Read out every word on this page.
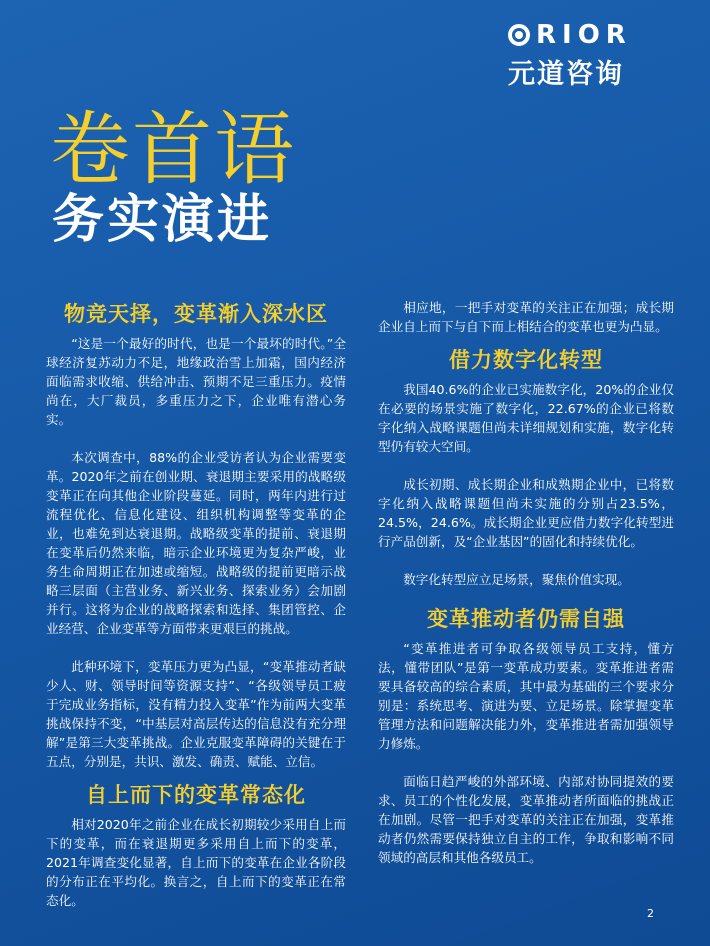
RIOR
元道咨询
卷首语
务实演进
物竞天择，变革渐入深水区

“这是一个最好的时代，也是一个最坏的时代。”全球经济复苏动力不足，地缘政治雪上加霜，国内经济面临需求收缩、供给冲击、预期不足三重压力。疫情尚在，大厂裁员，多重压力之下，企业唯有潜心务实。

本次调查中，88%的企业受访者认为企业需要变革。2020年之前在创业期、衰退期主要采用的战略级变革正在向其他企业阶段蔓延。同时，两年内进行过流程优化、信息化建设、组织机构调整等变革的企业，也难免到达衰退期。战略级变革的提前、衰退期在变革后仍然来临，暗示企业环境更为复杂严峻，业务生命周期正在加速或缩短。战略级的提前更暗示战略三层面（主营业务、新兴业务、探索业务）会加剧并行。这将为企业的战略探索和选择、集团管控、企业经营、企业变革等方面带来更艰巨的挑战。

此种环境下，变革压力更为凸显，“变革推动者缺少人、财、领导时间等资源支持”、“各级领导员工疲于完成业务指标，没有精力投入变革”作为前两大变革挑战保持不变，“中基层对高层传达的信息没有充分理解”是第三大变革挑战。企业克服变革障碍的关键在于五点，分别是，共识、激发、确责、赋能、立信。

自上而下的变革常态化

相对2020年之前企业在成长初期较少采用自上而下的变革，而在衰退期更多采用自上而下的变革，2021年调查变化显著，自上而下的变革在企业各阶段的分布正在平均化。换言之，自上而下的变革正在常态化。

相应地，一把手对变革的关注正在加强；成长期企业自上而下与自下而上相结合的变革也更为凸显。

借力数字化转型

我国40.6%的企业已实施数字化，20%的企业仅在必要的场景实施了数字化，22.67%的企业已将数字化纳入战略课题但尚未详细规划和实施，数字化转型仍有较大空间。

成长初期、成长期企业和成熟期企业中，已将数字化纳入战略课题但尚未实施的分别占23.5%，24.5%，24.6%。成长期企业更应借力数字化转型进行产品创新，及“企业基因”的固化和持续优化。

数字化转型应立足场景，聚焦价值实现。

变革推动者仍需自强

“变革推进者可争取各级领导员工支持，懂方法，懂带团队”是第一变革成功要素。变革推进者需要具备较高的综合素质，其中最为基础的三个要求分别是：系统思考、演进为要、立足场景。除掌握变革管理方法和问题解决能力外，变革推进者需加强领导力修炼。

面临日趋严峻的外部环境、内部对协同提效的要求、员工的个性化发展，变革推动者所面临的挑战正在加剧。尽管一把手对变革的关注正在加强，变革推动者仍然需要保持独立自主的工作，争取和影响不同领域的高层和其他各级员工。

2
